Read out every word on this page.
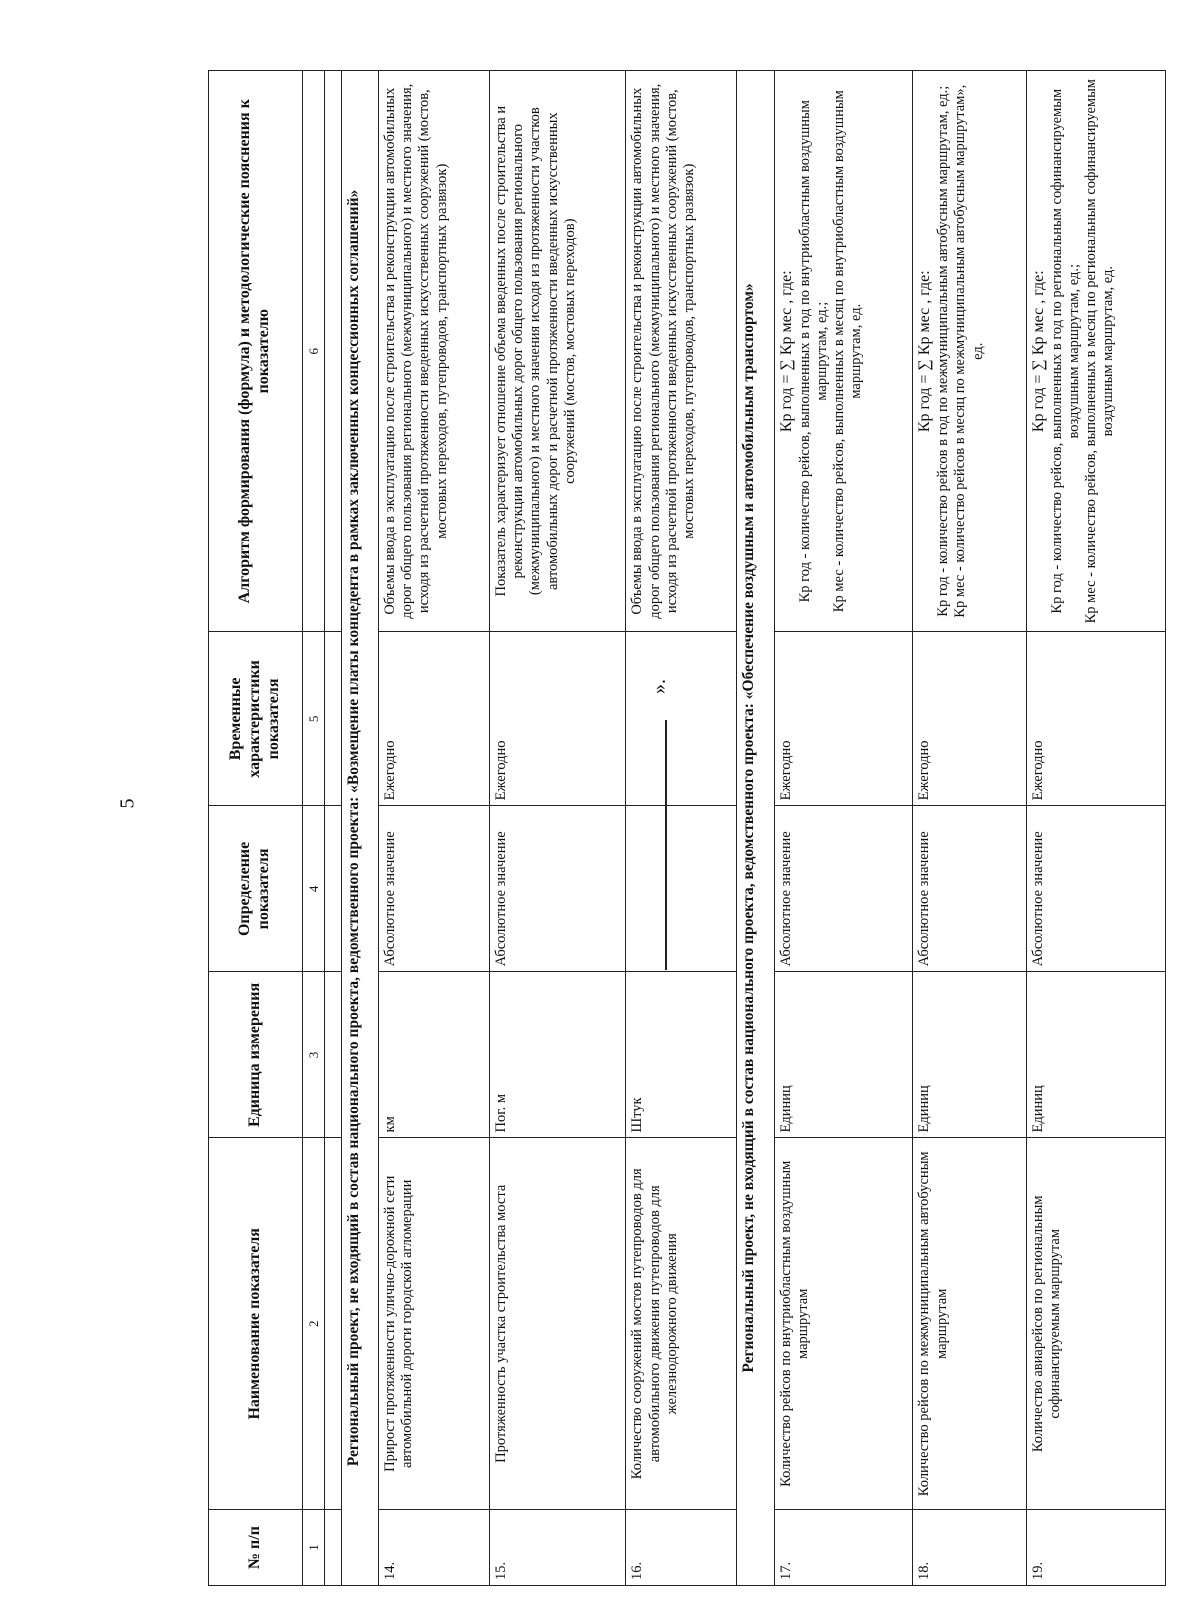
5
№ п/п	Наименование показателя	Единица измерения	Определение показателя	Временные характеристики показателя	Алгоритм формирования (формула) и методологические пояснения к показателю
1	2	3	4	5	6

Региональный проект, не входящий в состав национального проекта, ведомственного проекта: «Возмещение платы концедента в рамках заключенных концессионных соглашений»					
14.	Прирост протяженности улично-дорожной сети автомобильной дороги городской агломерации	км	Абсолютное значение	Ежегодно	Объемы ввода в эксплуатацию после строительства и реконструкции автомобильных дорог общего пользования регионального (межмуниципального) и местного значения, исходя из расчетной протяженности введенных искусственных сооружений (мостов, мостовых переходов, путепроводов, транспортных развязок)
15.	Протяженность участка строительства моста	Пог. м	Абсолютное значение	Ежегодно	Показатель характеризует отношение объема введенных после строительства и реконструкции автомобильных дорог общего пользования регионального (межмуниципального) и местного значения исходя из протяженности участков автомобильных дорог и расчетной протяженности введенных искусственных сооружений (мостов, мостовых переходов)
16.	Количество сооружений мостов путепроводов для автомобильного движения путепроводов для железнодорожного движения	Штук			Объемы ввода в эксплуатацию после строительства и реконструкции автомобильных дорог общего пользования регионального (межмуниципального) и местного значения, исходя из расчетной протяженности введенных искусственных сооружений (мостов, мостовых переходов, путепроводов, транспортных развязок)
Региональный проект, не входящий в состав национального проекта, ведомственного проекта: «Обеспечение воздушным и автомобильным транспортом»					
17.	Количество рейсов по внутриобластным воздушным маршрутам	Единиц	Абсолютное значение	Ежегодно	Кр год = ∑ Кр мес , где: Кр год - количество рейсов, выполненных в год по внутриобластным воздушным маршрутам, ед.; Кр мес - количество рейсов, выполненных в месяц по внутриобластным воздушным маршрутам, ед.

18.	Количество рейсов по межмуниципальным автобусным маршрутам	Единиц	Абсолютное значение	Ежегодно	Кр год = ∑ Кр мес , где: Кр год - количество рейсов в год по межмуниципальным автобусным маршрутам, ед.; Кр мес - количество рейсов в месяц по межмуниципальным автобусным маршрутам», ед.

19.	Количество авиарейсов по региональным софинансируемым маршрутам	Единиц	Абсолютное значение	Ежегодно	Кр год = ∑ Кр мес , где: Кр год - количество рейсов, выполненных в год по региональным софинансируемым воздушным маршрутам, ед.; Кр мес - количество рейсов, выполненных в месяц по региональным софинансируемым воздушным маршрутам, ед.
».
